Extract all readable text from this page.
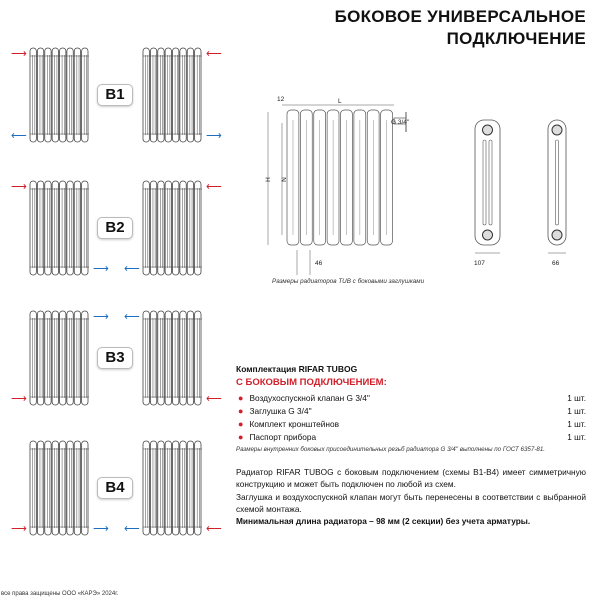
БОКОВОЕ УНИВЕРСАЛЬНОЕ
ПОДКЛЮЧЕНИЕ
⟶
⟵
⟵
⟶
B1
⟶
⟶
⟵
⟵
B2
⟶
⟶
⟵
⟵
B3
⟶	⟶	⟵
⟵
B4
12	L
G 3/4''
H N
46	107	66
Размеры радиаторов TUB с боковыми заглушками
Комплектация RIFAR TUBOG
С БОКОВЫМ ПОДКЛЮЧЕНИЕМ:
● Воздухоспускной клапан G 3/4''	1 шт.
● Заглушка G 3/4''	1 шт.
● Комплект кронштейнов	1 шт.
● Паспорт прибора	1 шт.
Размеры внутренних боковых присоединительных резьб радиатора G 3/4'' выполнены по ГОСТ 6357-81.
Радиатор RIFAR TUBOG с боковым подключением (схемы B1-B4) имеет симметричную конструкцию и может быть подключен по любой из схем.
Заглушка и воздухоспускной клапан могут быть перенесены в соответствии с выбранной схемой монтажа.
Минимальная длина радиатора – 98 мм (2 секции) без учета арматуры.
все права защищены ООО «КАРЭ» 2024г.
